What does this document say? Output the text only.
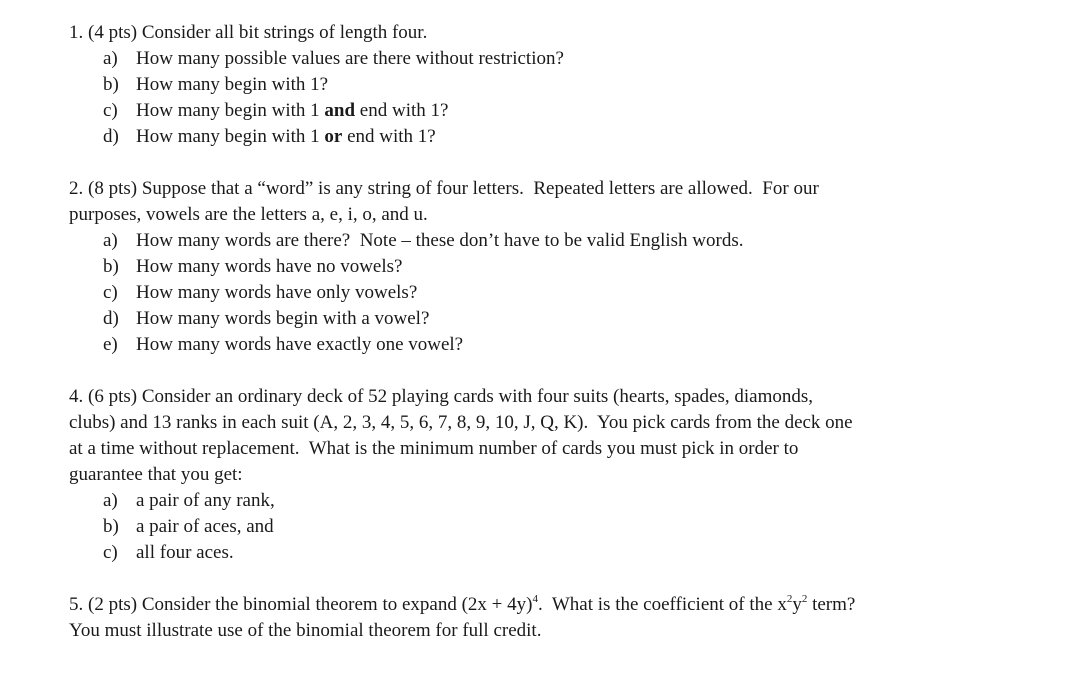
1. (4 pts) Consider all bit strings of length four.

a) How many possible values are there without restriction?
b) How many begin with 1?
c) How many begin with 1 and end with 1?
d) How many begin with 1 or end with 1?

2. (8 pts) Suppose that a “word” is any string of four letters.  Repeated letters are allowed.  For our

purposes, vowels are the letters a, e, i, o, and u.

a) How many words are there?  Note – these don’t have to be valid English words.
b) How many words have no vowels?
c) How many words have only vowels?
d) How many words begin with a vowel?
e) How many words have exactly one vowel?

4. (6 pts) Consider an ordinary deck of 52 playing cards with four suits (hearts, spades, diamonds,

clubs) and 13 ranks in each suit (A, 2, 3, 4, 5, 6, 7, 8, 9, 10, J, Q, K).  You pick cards from the deck one

at a time without replacement.  What is the minimum number of cards you must pick in order to

guarantee that you get:

a) a pair of any rank,
b) a pair of aces, and
c) all four aces.

5. (2 pts) Consider the binomial theorem to expand $(2x + 4y)^4$.  What is the coefficient of the $x^2y^2$ term?

You must illustrate use of the binomial theorem for full credit.
